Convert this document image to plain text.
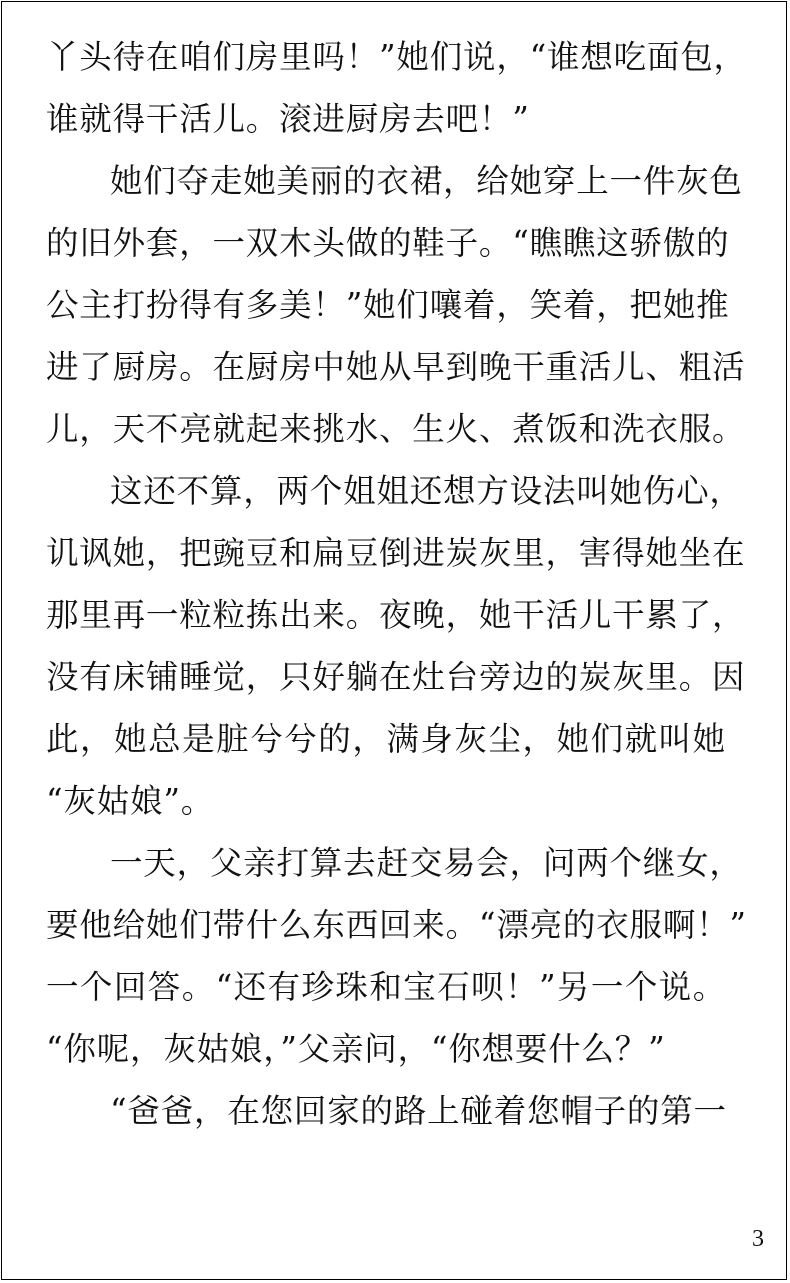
丫头待在咱们房里吗！”她们说，“谁想吃面包，
谁就得干活儿。滚进厨房去吧！”
她们夺走她美丽的衣裙，给她穿上一件灰色
的旧外套，一双木头做的鞋子。“瞧瞧这骄傲的
公主打扮得有多美！”她们嚷着，笑着，把她推
进了厨房。在厨房中她从早到晚干重活儿、粗活
儿，天不亮就起来挑水、生火、煮饭和洗衣服。
这还不算，两个姐姐还想方设法叫她伤心，
讥讽她，把豌豆和扁豆倒进炭灰里，害得她坐在
那里再一粒粒拣出来。夜晚，她干活儿干累了，
没有床铺睡觉，只好躺在灶台旁边的炭灰里。因
此，她总是脏兮兮的，满身灰尘，她们就叫她
“灰姑娘”。
一天，父亲打算去赶交易会，问两个继女，
要他给她们带什么东西回来。“漂亮的衣服啊！”
一个回答。“还有珍珠和宝石呗！”另一个说。
“你呢，灰姑娘，”父亲问，“你想要什么？”
“爸爸，在您回家的路上碰着您帽子的第一
3
